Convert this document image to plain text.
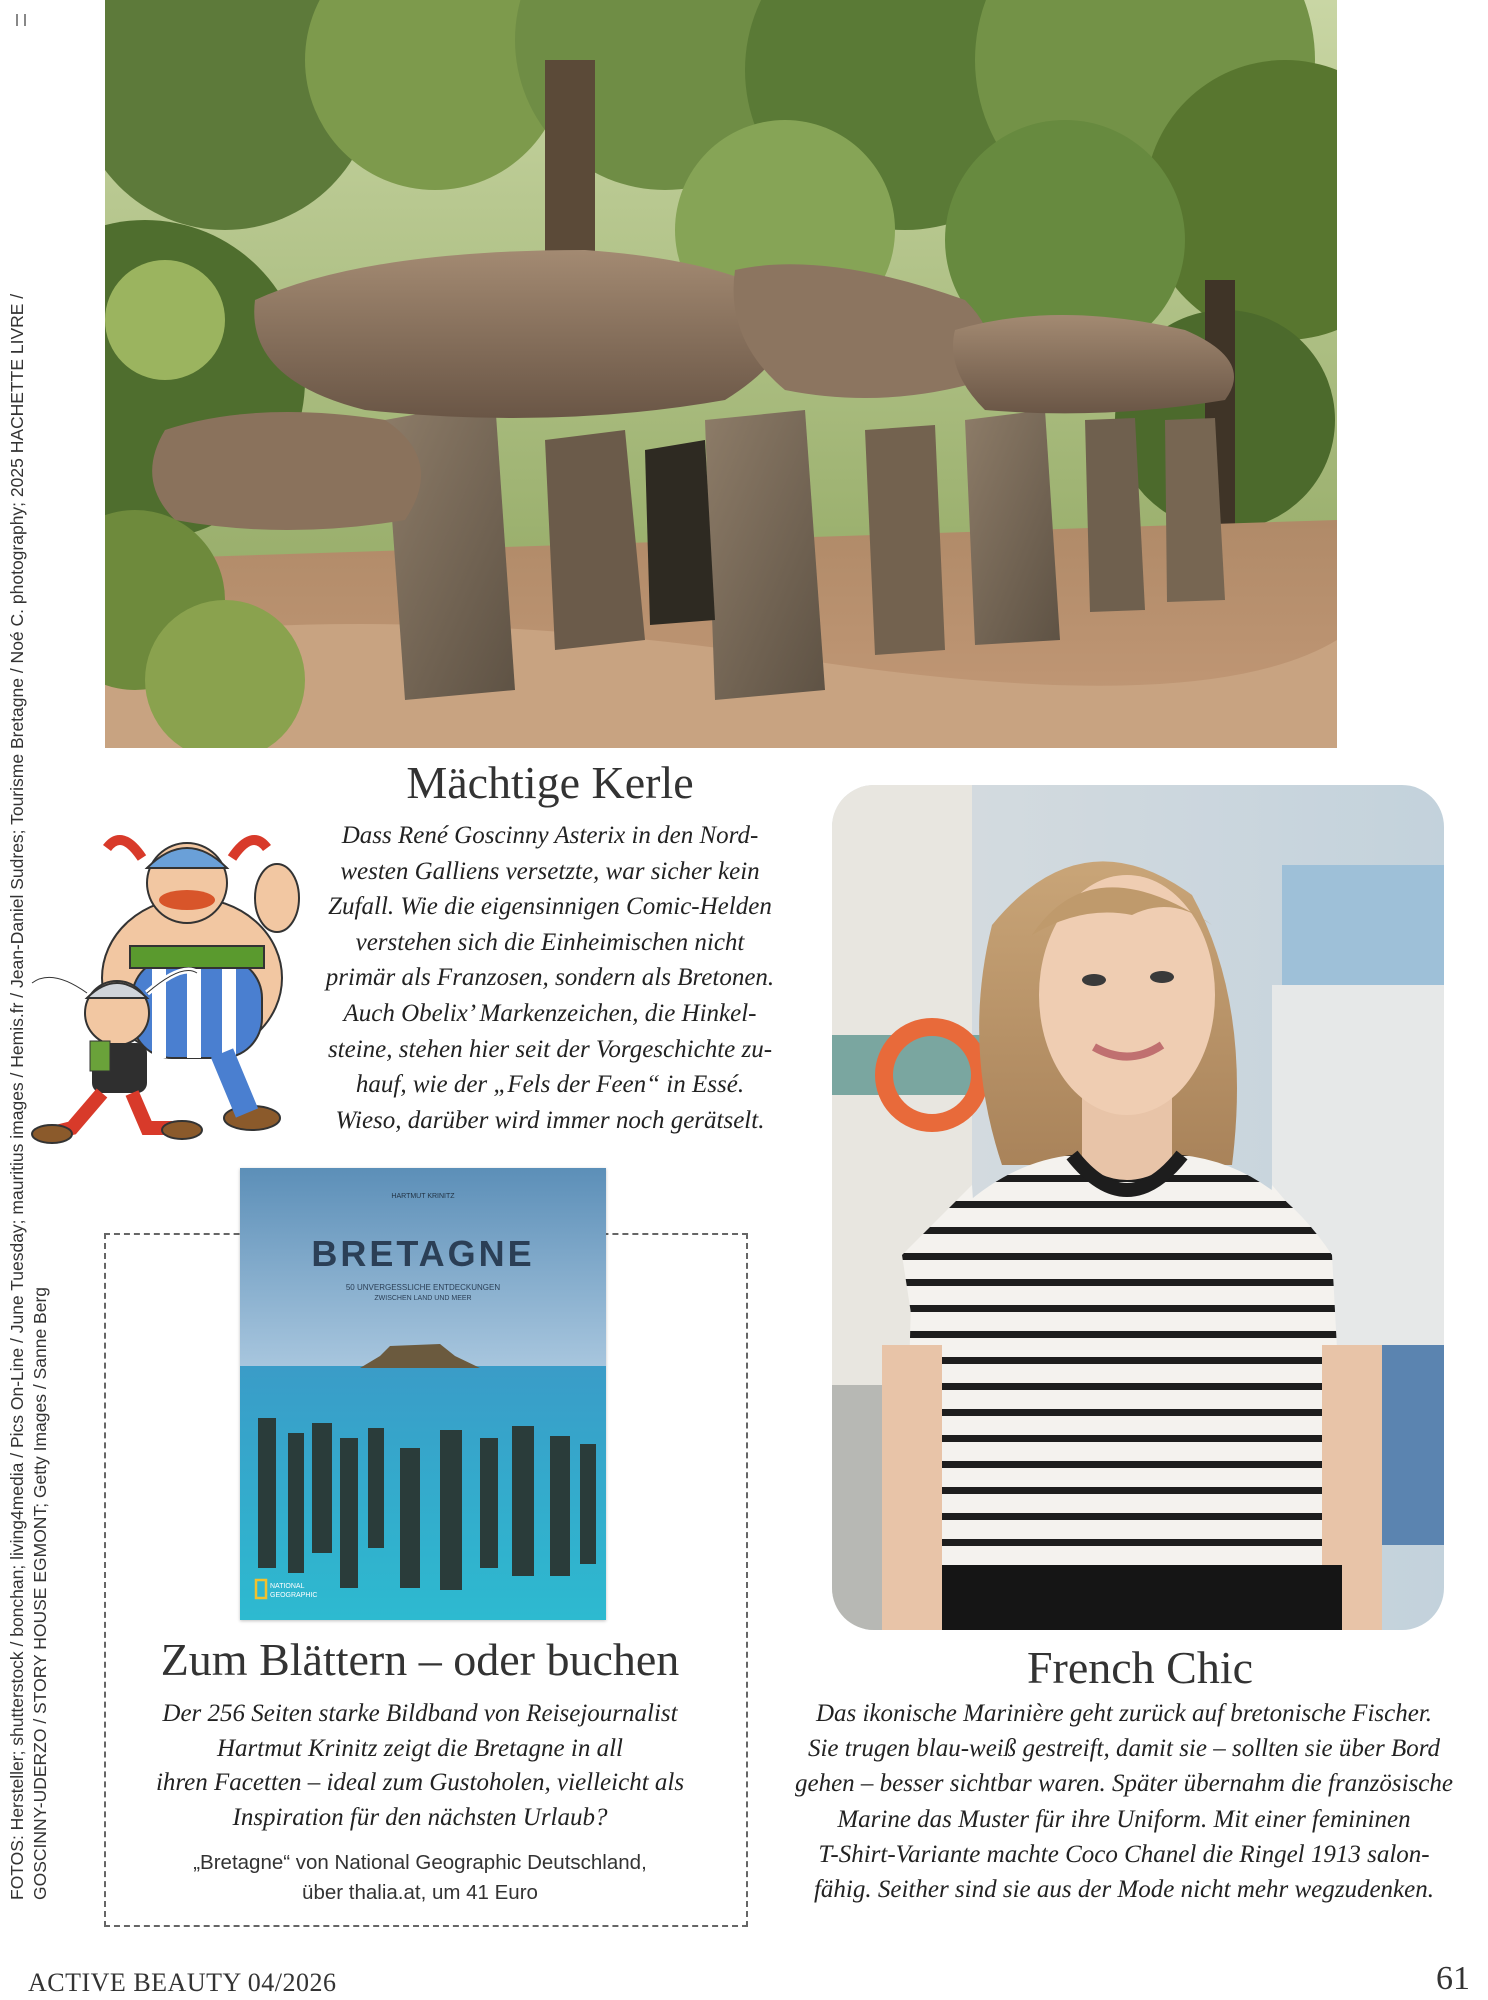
FOTOS: Hersteller; shutterstock / bonchan; living4media / Pics On-Line / June Tuesday; mauritius images / Hemis.fr / Jean-Daniel Sudres; Tourisme Bretagne / Noé C. photography; 2025 HACHETTE LIVRE / GOSCINNY-UDERZO / STORY HOUSE EGMONT; Getty Images / Sanne Berg
Mächtige Kerle
Dass René Goscinny Asterix in den Nord-
westen Galliens versetzte, war sicher kein
Zufall. Wie die eigensinnigen Comic-Helden
verstehen sich die Einheimischen nicht
primär als Franzosen, sondern als Bretonen.
Auch Obelix’ Markenzeichen, die Hinkel-
steine, stehen hier seit der Vorgeschichte zu-
hauf, wie der „Fels der Feen“ in Essé.
Wieso, darüber wird immer noch gerätselt.
HARTMUT KRINITZ
BRETAGNE
50 UNVERGESSLICHE ENTDECKUNGEN
ZWISCHEN LAND UND MEER
NATIONAL
GEOGRAPHIC
Zum Blättern – oder buchen
Der 256 Seiten starke Bildband von Reisejournalist
Hartmut Krinitz zeigt die Bretagne in all
ihren Facetten – ideal zum Gustoholen, vielleicht als
Inspiration für den nächsten Urlaub?
„Bretagne“ von National Geographic Deutschland,
über thalia.at, um 41 Euro
French Chic
Das ikonische Marinière geht zurück auf bretonische Fischer.
Sie trugen blau-weiß gestreift, damit sie – sollten sie über Bord
gehen – besser sichtbar waren. Später übernahm die französische
Marine das Muster für ihre Uniform. Mit einer femininen
T-Shirt-Variante machte Coco Chanel die Ringel 1913 salon-
fähig. Seither sind sie aus der Mode nicht mehr wegzudenken.
ACTIVE BEAUTY 04/2026	61
